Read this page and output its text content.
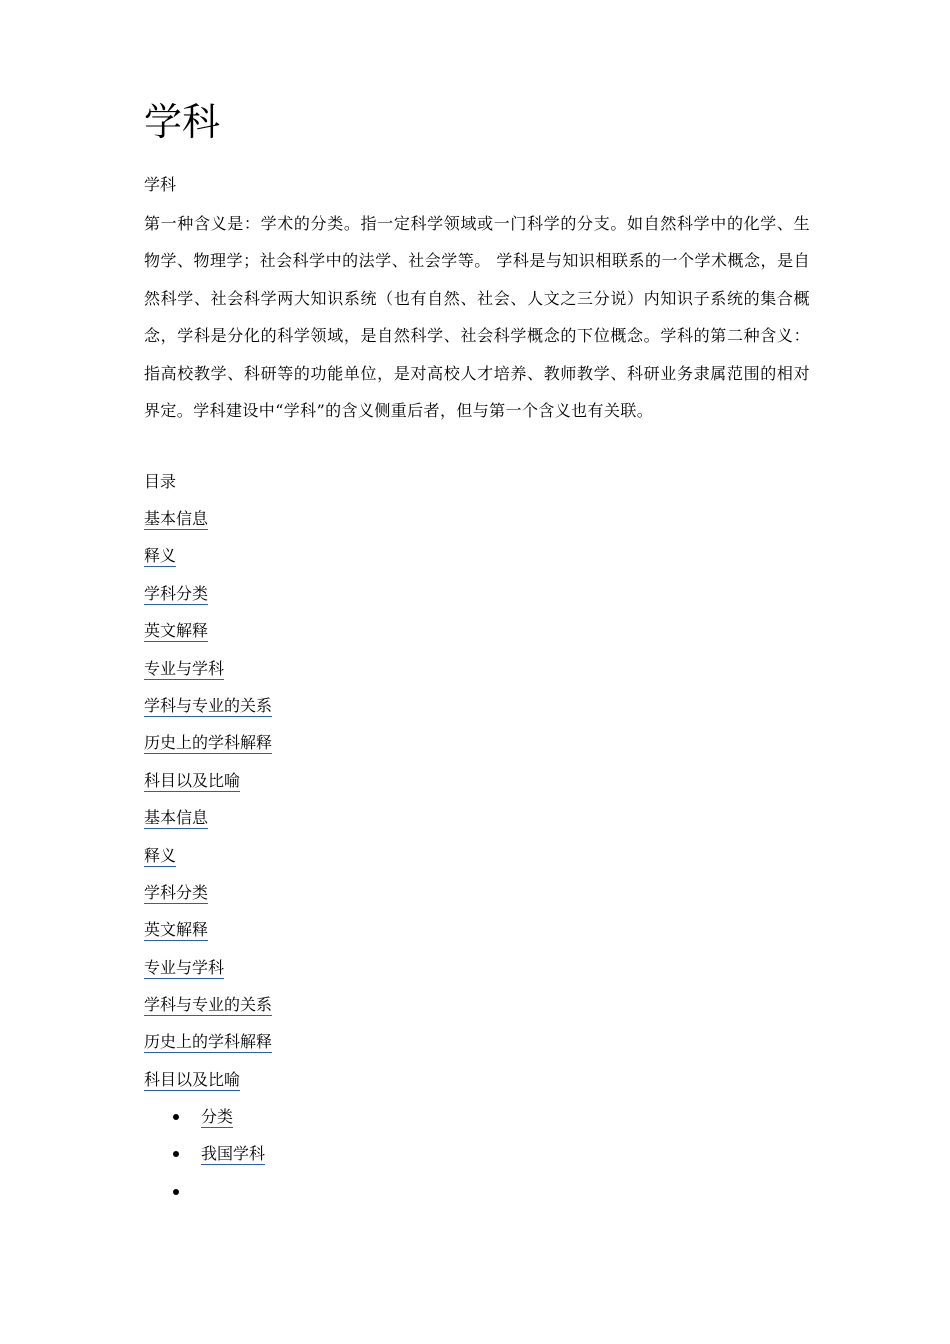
学科
学科
第一种含义是：学术的分类。指一定科学领域或一门科学的分支。如自然科学中的化学、生物学、物理学；社会科学中的法学、社会学等。 学科是与知识相联系的一个学术概念，是自然科学、社会科学两大知识系统（也有自然、社会、人文之三分说）内知识子系统的集合概念，学科是分化的科学领域，是自然科学、社会科学概念的下位概念。学科的第二种含义： 指高校教学、科研等的功能单位，是对高校人才培养、教师教学、科研业务隶属范围的相对界定。学科建设中“学科”的含义侧重后者，但与第一个含义也有关联。
目录
基本信息
释义
学科分类
英文解释
专业与学科
学科与专业的关系
历史上的学科解释
科目以及比喻
基本信息
释义
学科分类
英文解释
专业与学科
学科与专业的关系
历史上的学科解释
科目以及比喻
分类
我国学科
